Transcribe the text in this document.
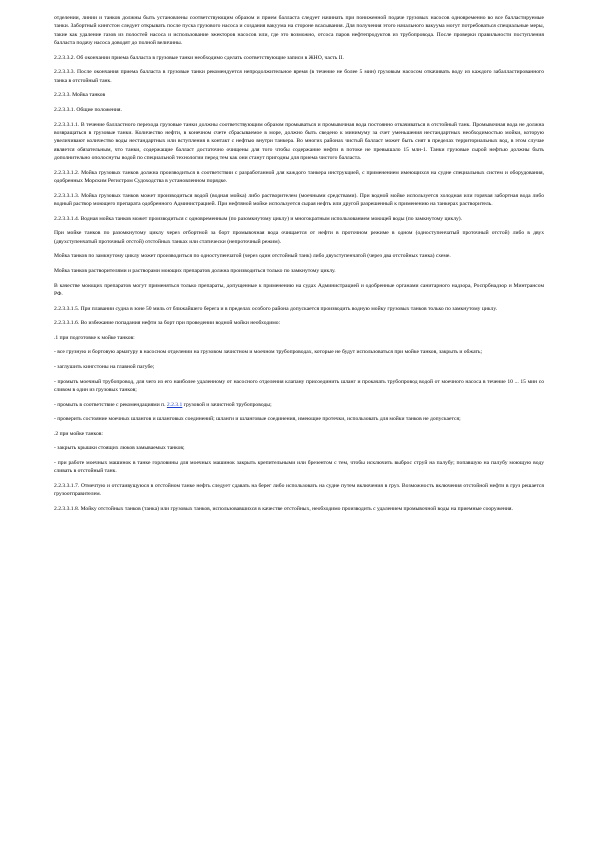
отделении, линии и танков должны быть установлены соответствующим образом и прием балласта следует начинать при пониженной подаче грузовых насосов одновременно во все балластируемые танки. Забортный кингстон следует открывать после пуска грузового насоса и создания вакуума на стороне всасывания. Для получения этого начального вакуума могут потребоваться специальные меры, такие как удаление газов из полостей насоса и использование эжекторов насосов или, где это возможно, отсоса паров нефтепродуктов из трубопровода. После проверки правильности поступления балласта подачу насоса доводят до полной величины.

2.2.3.3.2. Об окончании приема балласта в грузовые танки необходимо сделать соответствующие записи в ЖНО, часть II.

2.2.3.3.3. После окончания приема балласта в грузовые танки рекомендуется непродолжительное время (в течение не более 5 мин) грузовым насосом откачивать воду из каждого забалластированного танка в отстойный танк.

2.2.3.3. Мойка танков

2.2.3.3.1. Общие положения.

2.2.3.3.1.1. В течение балластного перехода грузовые танки должны соответствующим образом промываться и промывочная вода постоянно откачиваться в отстойный танк. Промывочная вода не должна возвращаться в грузовые танки. Количество нефти, в конечном счете сбрасываемое в море, должно быть сведено к минимуму за счет уменьшения нестандартных необходимостью мойки, которую увеличивают количество воды нестандартных или вступления в контакт с нефтью внутри танкера. Во многих районах чистый балласт может быть снят в пределах территориальных вод, в этом случае является обязательным, что танки, содержащие балласт достаточно очищены для того чтобы содержание нефти в потоке не превышало 15 млн-1. Танки грузовые сырой нефтью должны быть дополнительно ополоснуты водой по специальной технологии перед тем как они станут пригодны для приема чистого балласта.

2.2.3.3.1.2. Мойка грузовых танков должна производиться в соответствии с разработанной для каждого танкера инструкцией, с применением имеющихся на судне специальных систем и оборудования, одобренных Морским Регистром Судоходства в установленном порядке.

2.2.3.3.1.3. Мойка грузовых танков может производиться водой (водная мойка) либо растворителем (моечными средствами). При водной мойке используется холодная или горячая забортная вода либо водный раствор моющего препарата одобренного Администрацией. При нефтяной мойке используется сырая нефть или другой разрешенный к применению на танкерах растворитель.

2.2.3.3.1.4. Водная мойка танков может производиться с одновременным (по разомкнутому циклу) и многократным использованием моющей воды (по замкнутому циклу).

При мойке танков по разомкнутому циклу через отбортной за борт промывочная вода очищается от нефти в проточном режиме в одном (одноступенчатый проточный отстой) либо в двух (двухступенчатый проточный отстой) отстойных танках или статически (непроточный режим).

Мойка танков по замкнутому циклу может производиться по одноступенчатой (через один отстойный танк) либо двухступенчатой (через два отстойных танка) схеме.

Мойка танков растворителями и растворами моющих препаратов должна производиться только по замкнутому циклу.

В качестве моющих препаратов могут применяться только препараты, допущенные к применению на судах Администрацией и одобренные органами санитарного надзора, Роспрбнадзор и Минтрансом РФ.

2.2.3.3.1.5. При плавании судна в зоне 50 миль от ближайшего берега и в пределах особого района допускается производить водную мойку грузовых танков только по замкнутому циклу.

2.2.3.3.1.6. Во избежание попадания нефти за борт при проведении водной мойки необходимо:

.1 при подготовке к мойке танков:

- все грузную и бортовую арматуру в насосном отделении на грузовом зачистном и моечном трубопроводах, которые не будут использоваться при мойке танков, закрыть и обжать;

- заглушить кингстоны на главной пагубе;

- промыть моечный трубопровод, для чего из его наиболее удаленному от насосного отделения клапану присоединить шланг и прокачать трубопровод водой от моечного насоса в течение 10 ... 15 мин со сливом в один из грузовых танков;

- промыть в соответствие с рекомендациями п. 2.2.3.1 грузовой и зачистной трубопроводы;

- проверить состояние моечных шлангов и шланговых соединений; шланги и шланговые соединения, имеющие протечки, использовать для мойки танков не допускается;

.2 при мойке танков:

- закрыть крышки стоящих люков замываемых танков;

- при работе моечных машинок в танке горловины для моечных машинок закрыть крепительными или брезентом с тем, чтобы исключить выброс струй на палубу; попавшую на палубу моющую воду сливать в отстойный танк.

2.2.3.3.1.7. Отмечтую и отстаивущуюся в отстойном танке нефть следует сдавать на берег либо использовать на судне путем включения в груз. Возможность включения отстойной нефти в груз решается грузоотправителем.

2.2.3.3.1.8. Мойку отстойных танков (танка) или грузовых танков, использовавшихся в качестве отстойных, необходимо производить с удалением промывочной воды на приемные сооружения.
